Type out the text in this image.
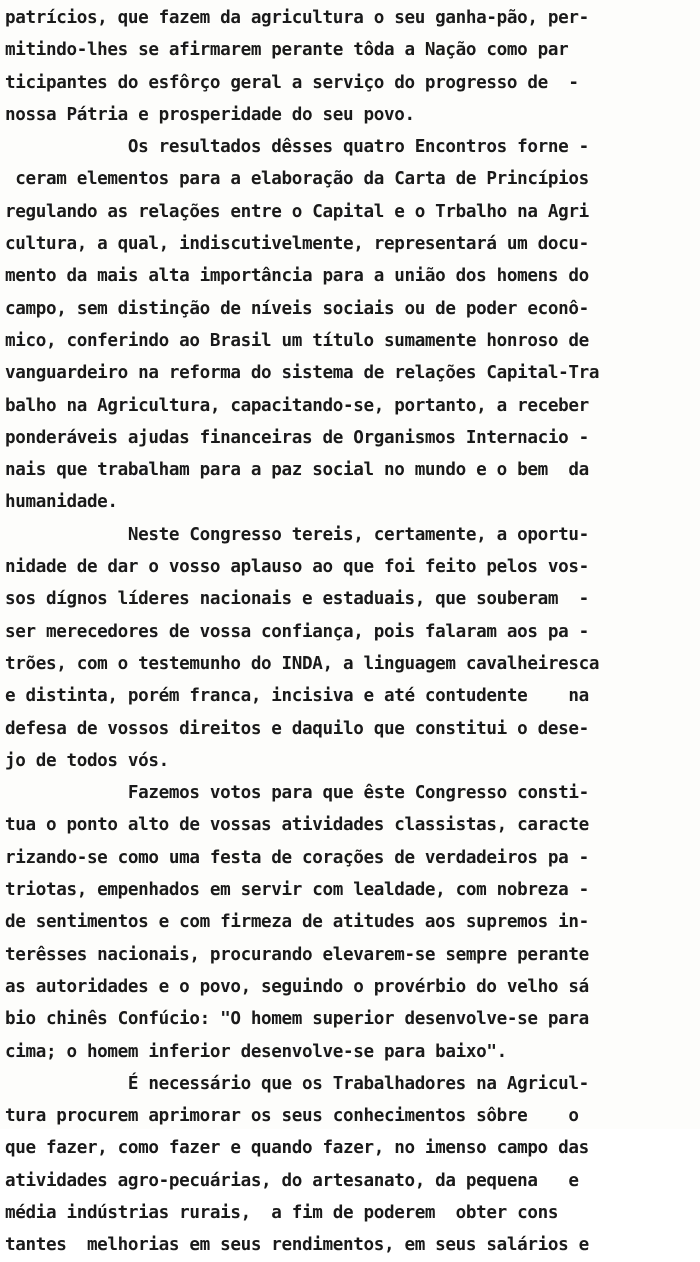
patrícios, que fazem da agricultura o seu ganha-pão, per-
mitindo-lhes se afirmarem perante tôda a Nação como par
ticipantes do esfôrço geral a serviço do progresso de  -
nossa Pátria e prosperidade do seu povo.
Os resultados dêsses quatro Encontros forne -
ceram elementos para a elaboração da Carta de Princípios
regulando as relações entre o Capital e o Trbalho na Agri
cultura, a qual, indiscutivelmente, representará um docu-
mento da mais alta importância para a união dos homens do
campo, sem distinção de níveis sociais ou de poder econô-
mico, conferindo ao Brasil um título sumamente honroso de
vanguardeiro na reforma do sistema de relações Capital-Tra
balho na Agricultura, capacitando-se, portanto, a receber
ponderáveis ajudas financeiras de Organismos Internacio -
nais que trabalham para a paz social no mundo e o bem  da
humanidade.
Neste Congresso tereis, certamente, a oportu-
nidade de dar o vosso aplauso ao que foi feito pelos vos-
sos dígnos líderes nacionais e estaduais, que souberam  -
ser merecedores de vossa confiança, pois falaram aos pa -
trões, com o testemunho do INDA, a linguagem cavalheiresca
e distinta, porém franca, incisiva e até contudente    na
defesa de vossos direitos e daquilo que constitui o dese-
jo de todos vós.
Fazemos votos para que êste Congresso consti-
tua o ponto alto de vossas atividades classistas, caracte
rizando-se como uma festa de corações de verdadeiros pa -
triotas, empenhados em servir com lealdade, com nobreza -
de sentimentos e com firmeza de atitudes aos supremos in-
terêsses nacionais, procurando elevarem-se sempre perante
as autoridades e o povo, seguindo o provérbio do velho sá
bio chinês Confúcio: "O homem superior desenvolve-se para
cima; o homem inferior desenvolve-se para baixo".
É necessário que os Trabalhadores na Agricul-
tura procurem aprimorar os seus conhecimentos sôbre    o
que fazer, como fazer e quando fazer, no imenso campo das
atividades agro-pecuárias, do artesanato, da pequena   e
média indústrias rurais,  a fim de poderem  obter cons
tantes  melhorias em seus rendimentos, em seus salários e
